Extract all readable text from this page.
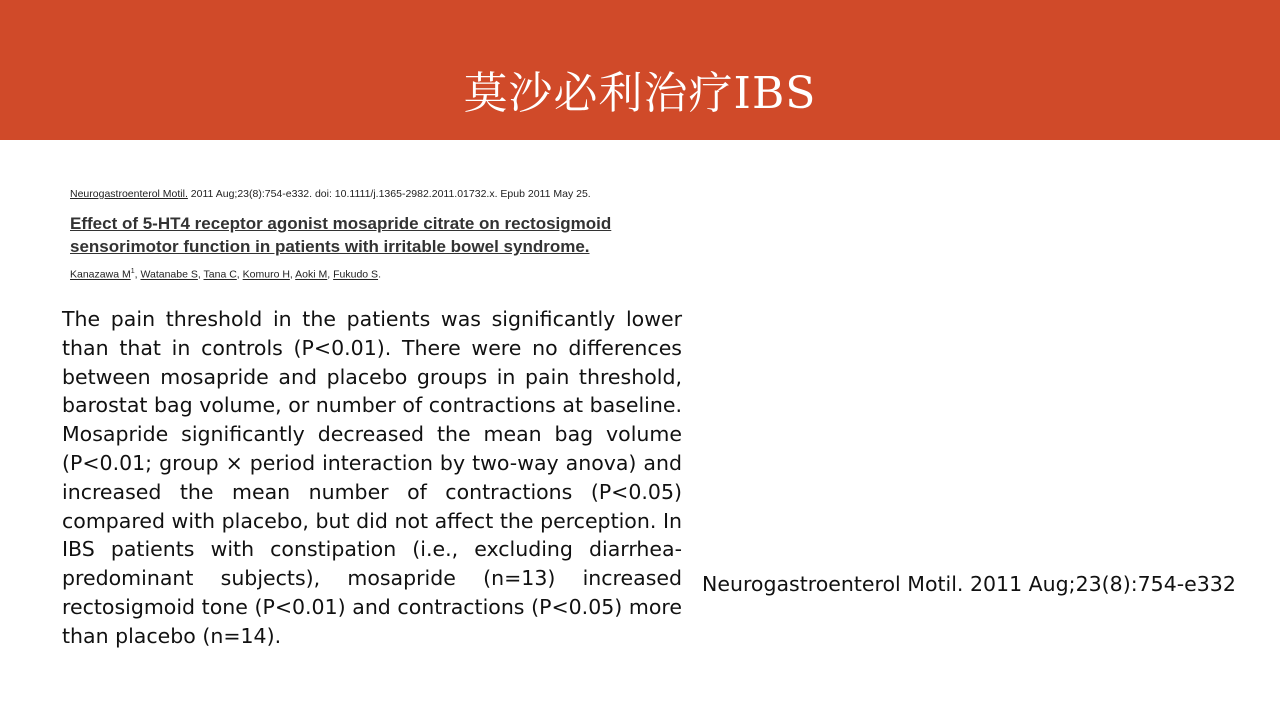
莫沙必利治疗IBS
Neurogastroenterol Motil. 2011 Aug;23(8):754-e332. doi: 10.1111/j.1365-2982.2011.01732.x. Epub 2011 May 25.
Effect of 5-HT4 receptor agonist mosapride citrate on rectosigmoid sensorimotor function in patients with irritable bowel syndrome.
Kanazawa $M^1$, Watanabe S, Tana C, Komuro H, Aoki M, Fukudo S.
The pain threshold in the patients was significantly lower than that in controls (P<0.01). There were no differences between mosapride and placebo groups in pain threshold, barostat bag volume, or number of contractions at baseline. Mosapride significantly decreased the mean bag volume (P<0.01; group × period interaction by two-way anova) and increased the mean number of contractions (P<0.05) compared with placebo, but did not affect the perception. In IBS patients with constipation (i.e., excluding diarrhea-predominant subjects), mosapride (n=13) increased rectosigmoid tone (P<0.01) and contractions (P<0.05) more than placebo (n=14).
Neurogastroenterol Motil. 2011 Aug;23(8):754-e332
